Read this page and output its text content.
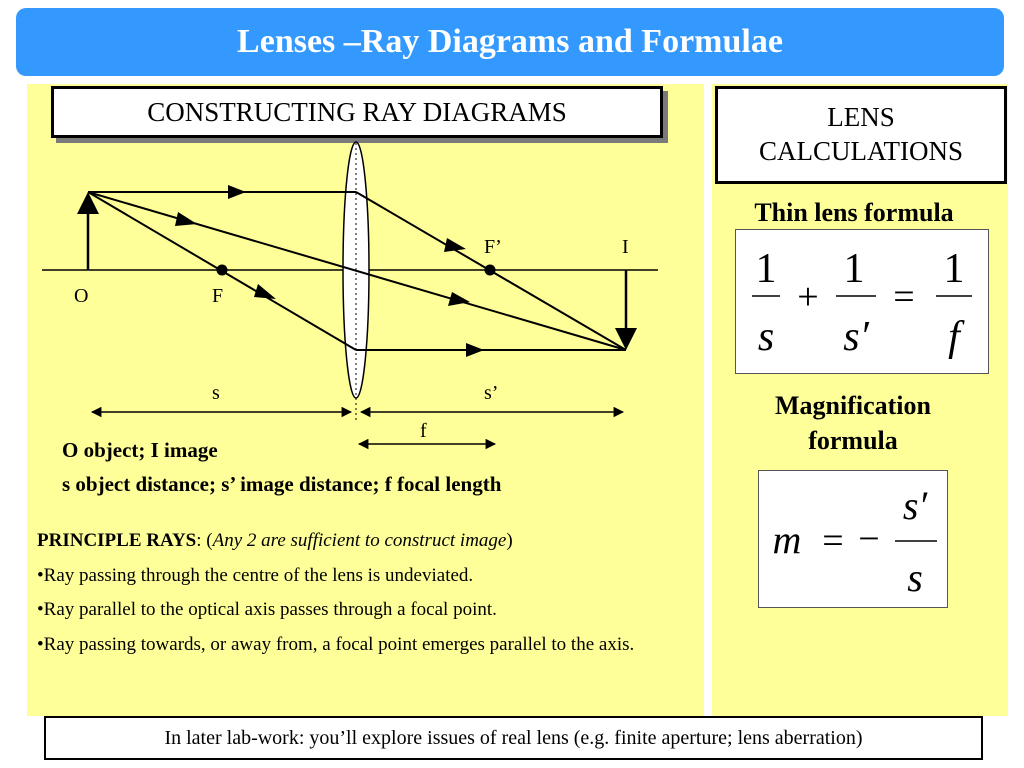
Lenses –Ray Diagrams and Formulae
CONSTRUCTING RAY DIAGRAMS	LENS CALCULATIONS
O	F
F’	I
s	s’
f
O object; I image
s object distance; s’ image distance; f focal length
PRINCIPLE RAYS: (Any 2 are sufficient to construct image)
•Ray passing through the centre of the lens is undeviated.
•Ray parallel to the optical axis passes through a focal point.
•Ray passing towards, or away from, a focal point emerges parallel to the axis.
Thin lens formula
1
s
+
1
s′
=
1
f
Magnification formula
m = −
s′
s
In later lab-work: you’ll explore issues of real lens (e.g. finite aperture; lens aberration)
